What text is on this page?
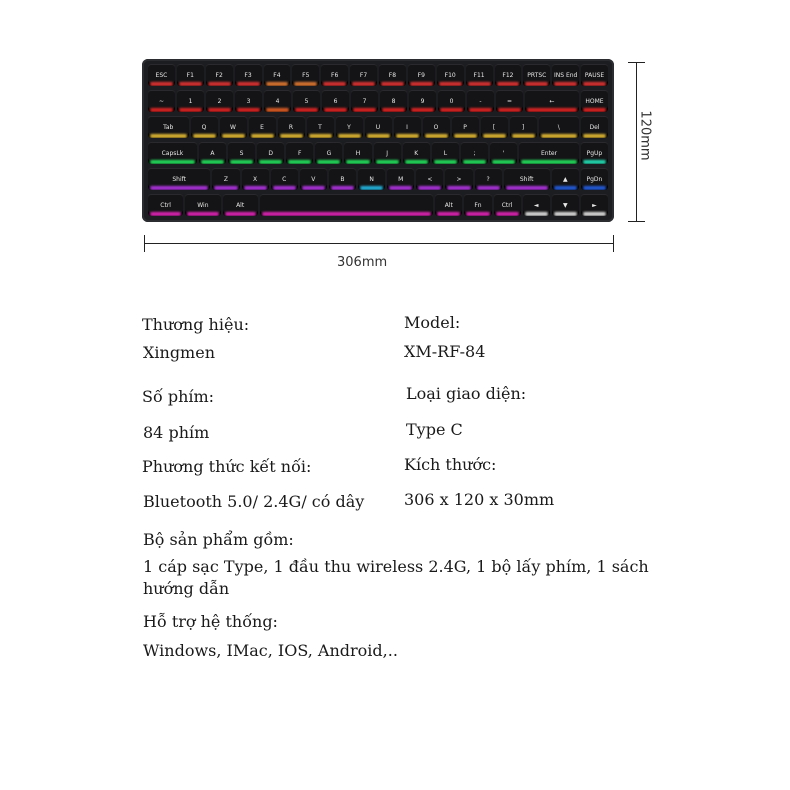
ESC	F1	F2	F3	F4	F5	F6	F7	F8	F9	F10	F11	F12 PRTSC INS End PAUSE
~	1	2	3	4	5	6	7	8	9	0	-	=	←	HOME
Tab	Q	W	E	R	T	Y	U	I	O	P	[	]	\	Del
CapsLk	A	S	D	F	G	H	J	K	L	;	'	Enter	PgUp
Shift	Z	X	C	V	B	N	M	<	>	?	Shift	▲	PgDn
Ctrl	Win	Alt	Alt	Fn	Ctrl	◄	▼	►
306mm
120mm
Thương hiệu:
Xingmen
Model:
XM-RF-84
Số phím:
84 phím
Loại giao diện:
Type C
Phương thức kết nối:
Bluetooth 5.0/ 2.4G/ có dây
Kích thước:
306 x 120 x 30mm
Bộ sản phẩm gồm:
1 cáp sạc Type, 1 đầu thu wireless 2.4G, 1 bộ lấy phím, 1 sách hướng dẫn
Hỗ trợ hệ thống:
Windows, IMac, IOS, Android,..
